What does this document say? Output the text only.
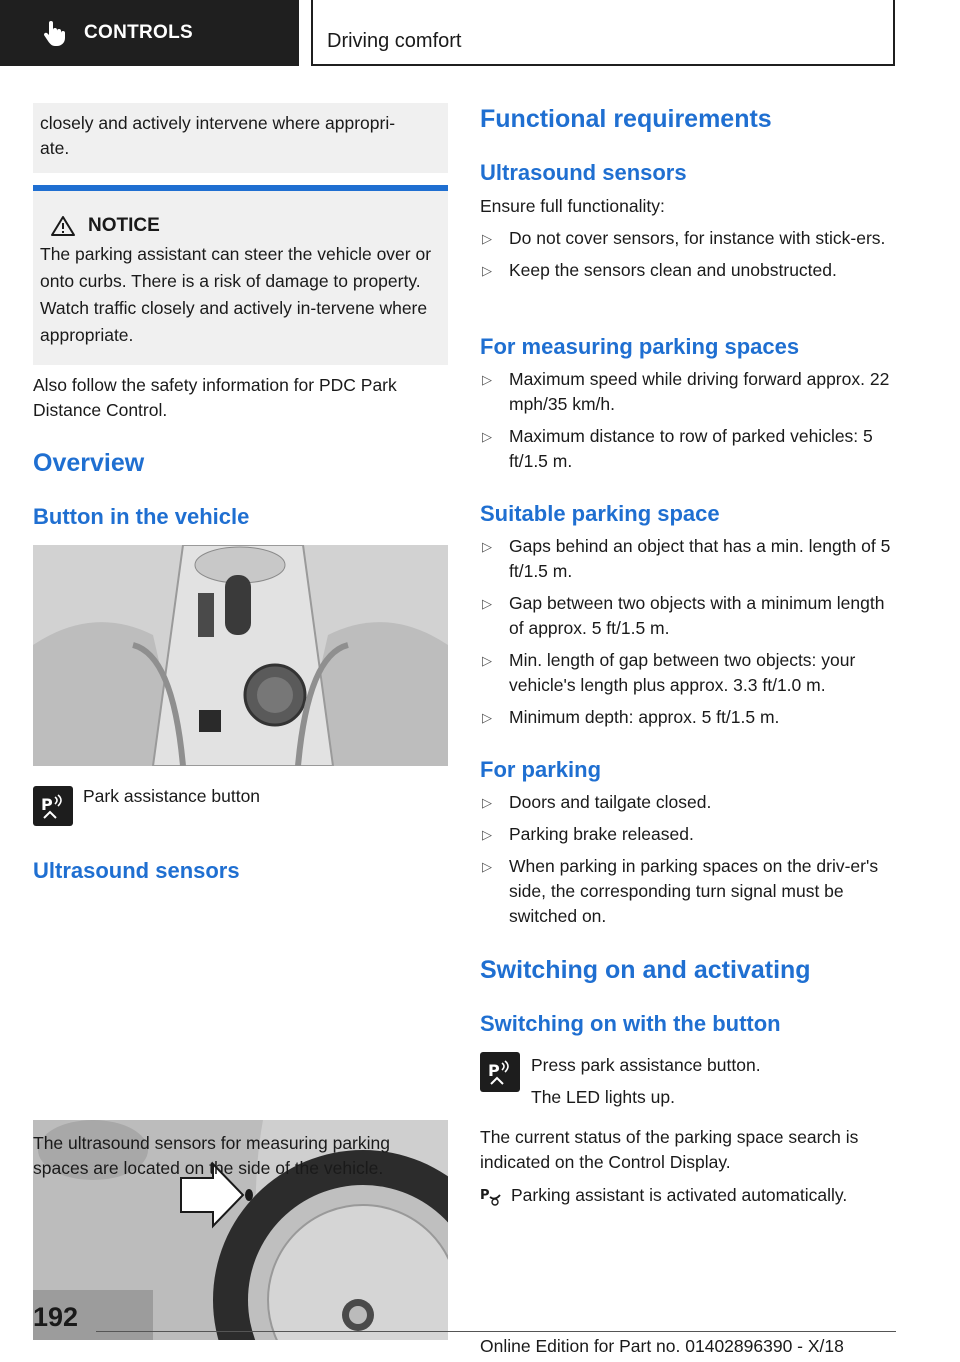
CONTROLS	Driving comfort
closely and actively intervene where appropri-
ate.
NOTICE
The parking assistant can steer the vehicle over or onto curbs. There is a risk of damage to property. Watch traffic closely and actively in-tervene where appropriate.
Also follow the safety information for PDC Park Distance Control.
Overview
Button in the vehicle
P Park assistance button
Ultrasound sensors
The ultrasound sensors for measuring parking spaces are located on the side of the vehicle.
Functional requirements
Ultrasound sensors
Ensure full functionality:
▷ Do not cover sensors, for instance with stick-ers.
▷ Keep the sensors clean and unobstructed.
For measuring parking spaces
▷ Maximum speed while driving forward approx. 22 mph/35 km/h.
▷ Maximum distance to row of parked vehicles: 5 ft/1.5 m.
Suitable parking space
▷ Gaps behind an object that has a min. length of 5 ft/1.5 m.
▷ Gap between two objects with a minimum length of approx. 5 ft/1.5 m.
▷ Min. length of gap between two objects: your vehicle's length plus approx. 3.3 ft/1.0 m.
▷ Minimum depth: approx. 5 ft/1.5 m.
For parking
▷ Doors and tailgate closed.
▷ Parking brake released.
▷ When parking in parking spaces on the driv-er's side, the corresponding turn signal must be switched on.
Switching on and activating
Switching on with the button
P Press park assistance button.
The LED lights up.
The current status of the parking space search is indicated on the Control Display.
P Parking assistant is activated automatically.
192
Online Edition for Part no. 01402896390 - X/18
